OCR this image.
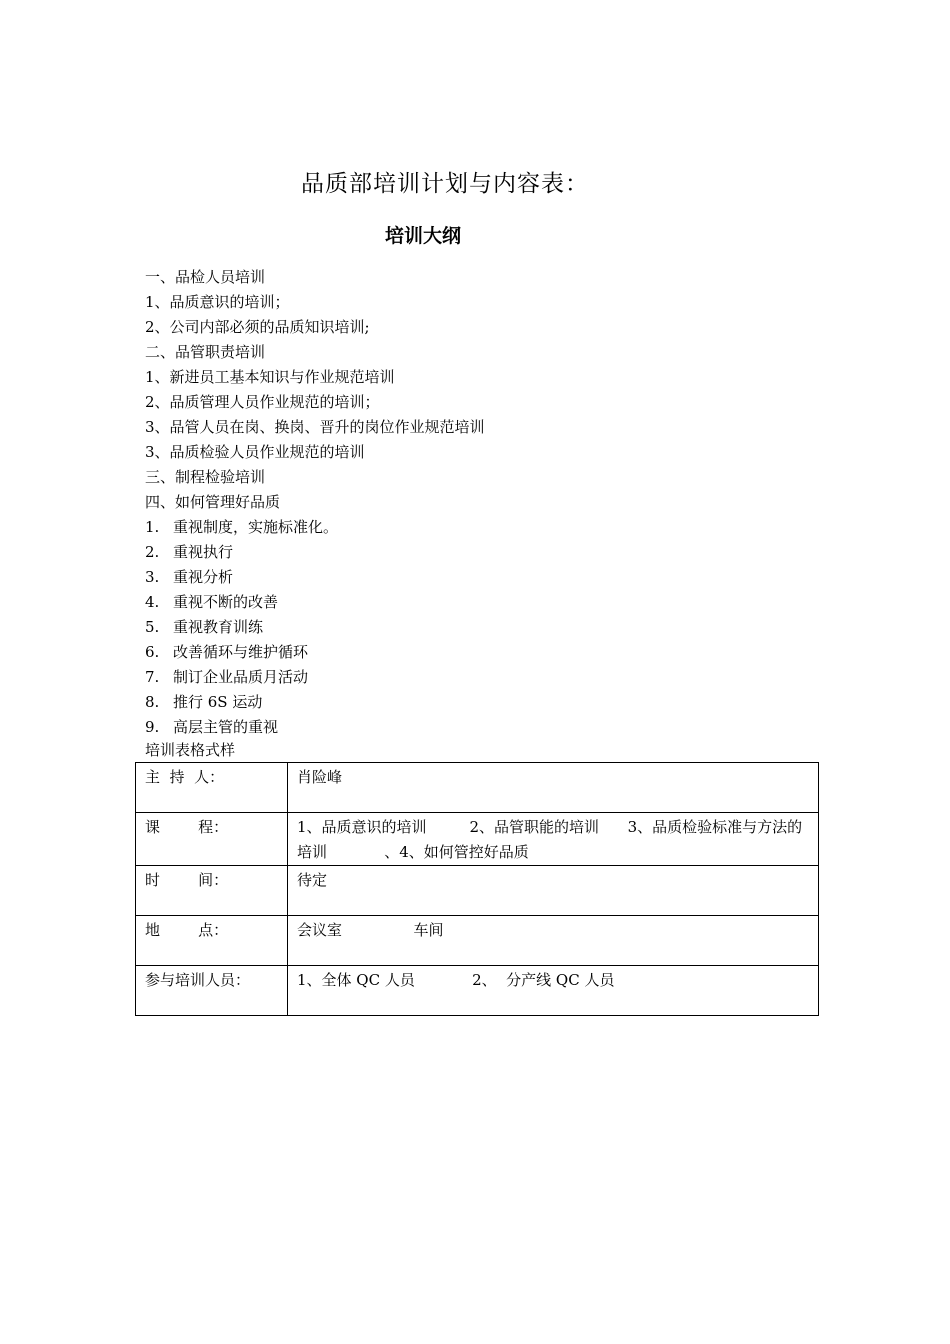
品质部培训计划与内容表：
培训大纲
一、品检人员培训
1、品质意识的培训；
2、公司内部必须的品质知识培训;
二、品管职责培训
1、新进员工基本知识与作业规范培训
2、品质管理人员作业规范的培训；
3、品管人员在岗、换岗、晋升的岗位作业规范培训
3、品质检验人员作业规范的培训
三、制程检验培训
四、如何管理好品质
1. 重视制度，实施标准化。
2. 重视执行
3. 重视分析
4. 重视不断的改善
5. 重视教育训练
6. 改善循环与维护循环
7. 制订企业品质月活动
8. 推行 6S 运动
9. 高层主管的重视
培训表格式样
主  持  人：	肖险峰
课        程：	1、品质意识的培训         2、品管职能的培训      3、品质检验标准与方法的培训            、4、如何管控好品质
时        间：	待定
地        点：	会议室               车间
参与培训人员：	1、全体 QC 人员            2、  分产线 QC 人员
